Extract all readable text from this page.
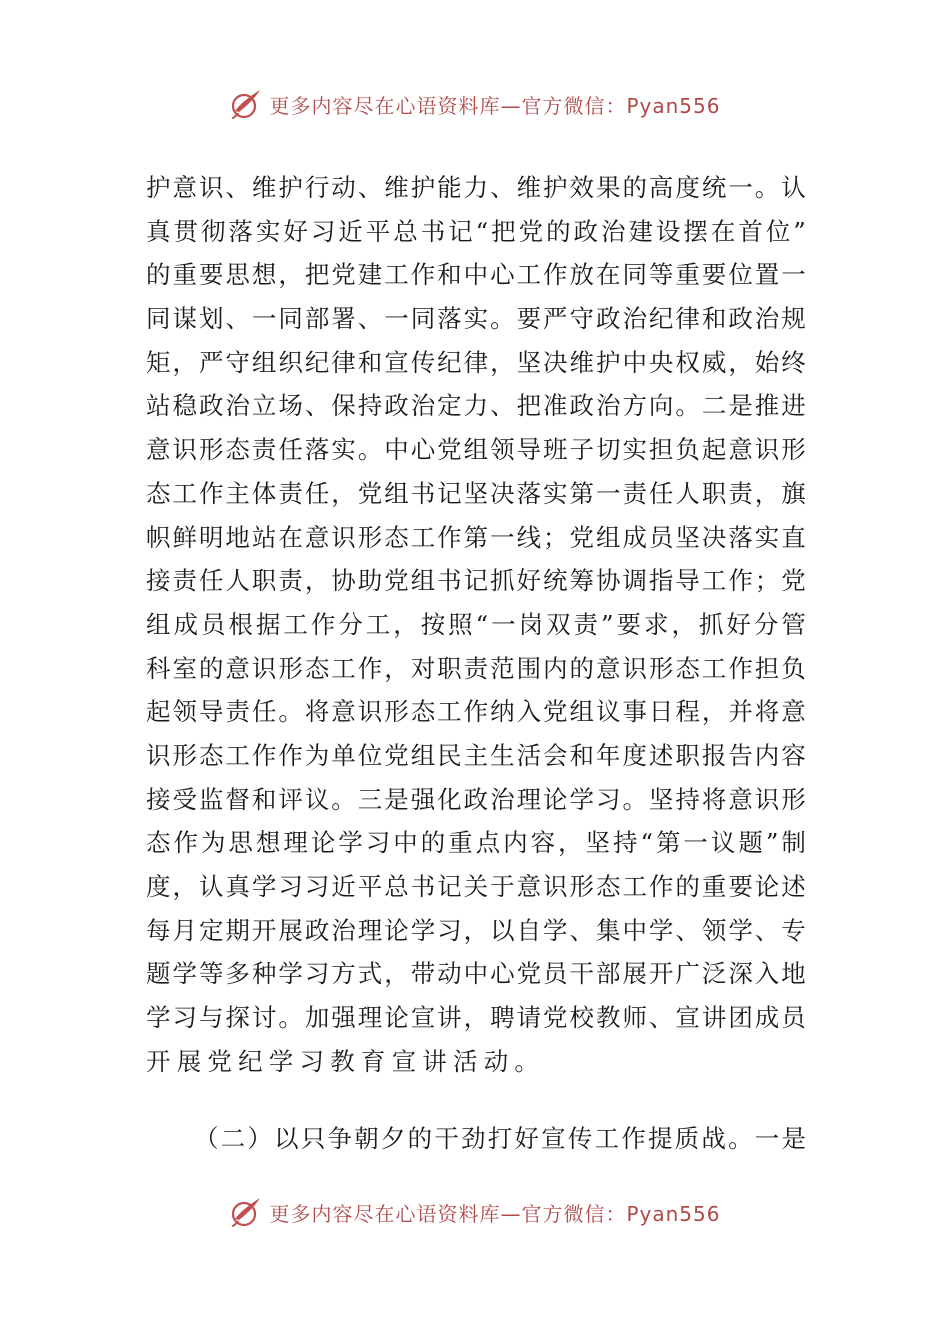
更多内容尽在心语资料库—官方微信：Pyan556
护 意 识 、 维 护 行 动 、 维 护 能 力 、 维 护 效 果 的 高 度 统 一 。 认
真 贯 彻 落 实 好 习 近 平 总 书 记 “ 把 党 的 政 治 建 设 摆 在 首 位 ”
的 重 要 思 想 ， 把 党 建 工 作 和 中 心 工 作 放 在 同 等 重 要 位 置 一
同 谋 划 、 一 同 部 署 、 一 同 落 实 。 要 严 守 政 治 纪 律 和 政 治 规
矩 ， 严 守 组 织 纪 律 和 宣 传 纪 律 ， 坚 决 维 护 中 央 权 威 ， 始 终
站 稳 政 治 立 场 、 保 持 政 治 定 力 、 把 准 政 治 方 向 。 二 是 推 进
意 识 形 态 责 任 落 实 。 中 心 党 组 领 导 班 子 切 实 担 负 起 意 识 形
态 工 作 主 体 责 任 ， 党 组 书 记 坚 决 落 实 第 一 责 任 人 职 责 ， 旗
帜 鲜 明 地 站 在 意 识 形 态 工 作 第 一 线 ； 党 组 成 员 坚 决 落 实 直
接 责 任 人 职 责 ， 协 助 党 组 书 记 抓 好 统 筹 协 调 指 导 工 作 ； 党
组 成 员 根 据 工 作 分 工 ， 按 照 “ 一 岗 双 责 ” 要 求 ， 抓 好 分 管
科 室 的 意 识 形 态 工 作 ， 对 职 责 范 围 内 的 意 识 形 态 工 作 担 负
起 领 导 责 任 。 将 意 识 形 态 工 作 纳 入 党 组 议 事 日 程 ， 并 将 意
识 形 态 工 作 作 为 单 位 党 组 民 主 生 活 会 和 年 度 述 职 报 告 内 容
接 受 监 督 和 评 议 。 三 是 强 化 政 治 理 论 学 习 。 坚 持 将 意 识 形
态 作 为 思 想 理 论 学 习 中 的 重 点 内 容 ， 坚 持 “ 第 一 议 题 ” 制
度 ， 认 真 学 习 习 近 平 总 书 记 关 于 意 识 形 态 工 作 的 重 要 论 述
每 月 定 期 开 展 政 治 理 论 学 习 ， 以 自 学 、 集 中 学 、 领 学 、 专
题 学 等 多 种 学 习 方 式 ， 带 动 中 心 党 员 干 部 展 开 广 泛 深 入 地
学 习 与 探 讨 。 加 强 理 论 宣 讲 ， 聘 请 党 校 教 师 、 宣 讲 团 成 员
开展党纪学习教育宣讲活动。
（ 二 ） 以 只 争 朝 夕 的 干 劲 打 好 宣 传 工 作 提 质 战 。 一 是
更多内容尽在心语资料库—官方微信：Pyan556
